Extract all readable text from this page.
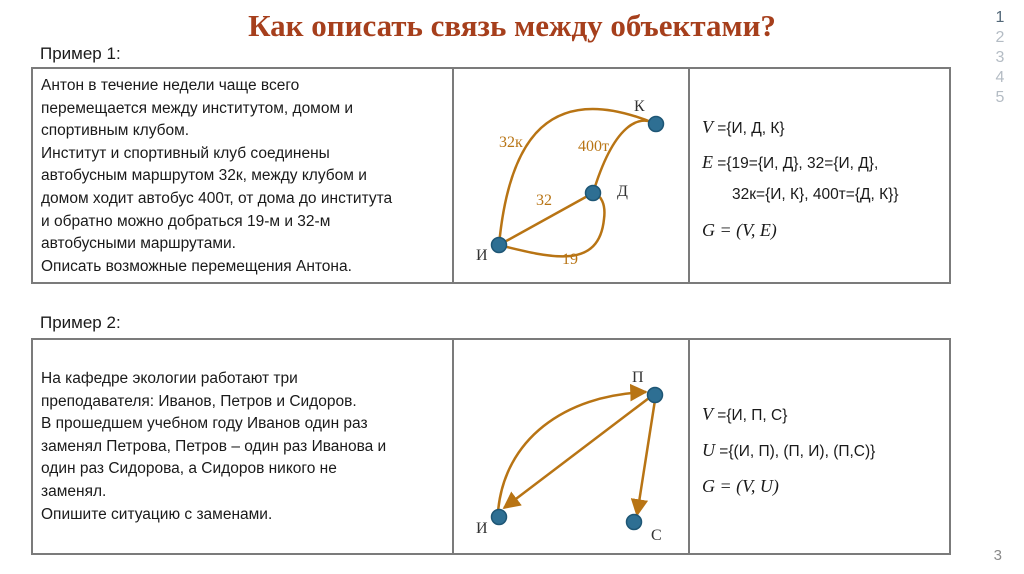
Как описать связь между объектами?	1
2
3
4
5
Пример 1:

Антон в течение недели чаще всего
перемещается между институтом, домом и
спортивным клубом.

Институт и спортивный клуб соединены
автобусным маршрутом 32к, между клубом и
домом ходит автобус 400т, от дома до института
и обратно можно добраться 19-м и 32-м
автобусными маршрутами.

Описать возможные перемещения Антона.

К
Д
И
32к	400т
32
19
V ={И, Д, К}
E ={19={И, Д}, 32={И, Д},
32к={И, К}, 400т={Д, К}}
G = (V, E)
Пример 2:

На кафедре экологии работают три
преподавателя: Иванов, Петров и Сидоров.

В прошедшем учебном году Иванов один раз
заменял Петрова, Петров – один раз Иванова и
один раз Сидорова, а Сидоров никого не
заменял.

Опишите ситуацию с заменами.

П
И	С
V ={И, П, С}
U ={(И, П), (П, И), (П,С)}
G = (V, U)
3
